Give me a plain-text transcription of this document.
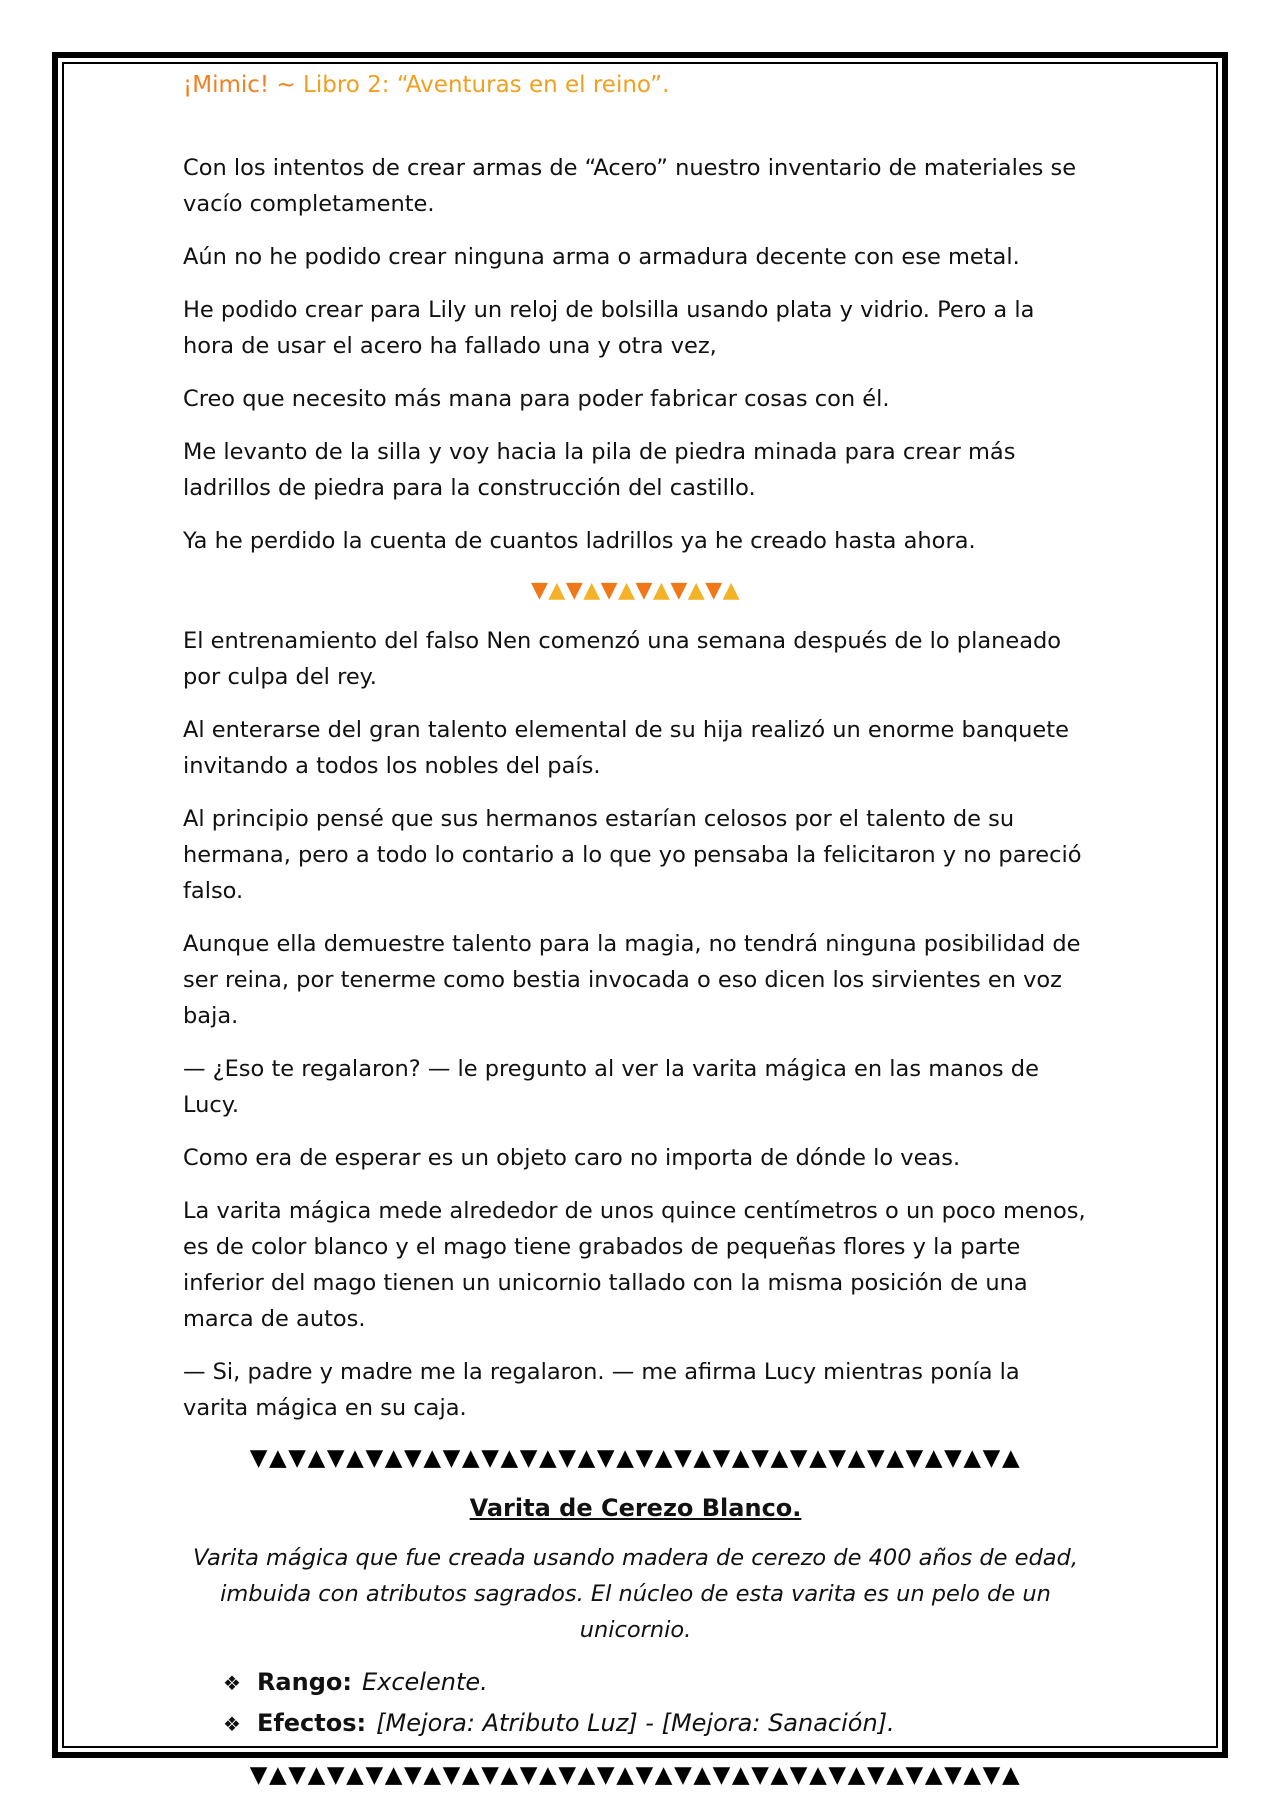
¡Mimic! ~ Libro 2: “Aventuras en el reino”.

Con los intentos de crear armas de “Acero” nuestro inventario de materiales se vacío completamente.

Aún no he podido crear ninguna arma o armadura decente con ese metal.

He podido crear para Lily un reloj de bolsilla usando plata y vidrio. Pero a la hora de usar el acero ha fallado una y otra vez,

Creo que necesito más mana para poder fabricar cosas con él.

Me levanto de la silla y voy hacia la pila de piedra minada para crear más ladrillos de piedra para la construcción del castillo.

Ya he perdido la cuenta de cuantos ladrillos ya he creado hasta ahora.

▼▲▼▲▼▲▼▲▼▲▼▲

El entrenamiento del falso Nen comenzó una semana después de lo planeado por culpa del rey.

Al enterarse del gran talento elemental de su hija realizó un enorme banquete invitando a todos los nobles del país.

Al principio pensé que sus hermanos estarían celosos por el talento de su hermana, pero a todo lo contario a lo que yo pensaba la felicitaron y no pareció falso.

Aunque ella demuestre talento para la magia, no tendrá ninguna posibilidad de ser reina, por tenerme como bestia invocada o eso dicen los sirvientes en voz baja.

— ¿Eso te regalaron? — le pregunto al ver la varita mágica en las manos de Lucy.

Como era de esperar es un objeto caro no importa de dónde lo veas.

La varita mágica mede alrededor de unos quince centímetros o un poco menos, es de color blanco y el mago tiene grabados de pequeñas flores y la parte inferior del mago tienen un unicornio tallado con la misma posición de una marca de autos.

— Si, padre y madre me la regalaron. — me afirma Lucy mientras ponía la varita mágica en su caja.

▼▲▼▲▼▲▼▲▼▲▼▲▼▲▼▲▼▲▼▲▼▲▼▲▼▲▼▲▼▲▼▲▼▲▼▲▼▲▼▲
Varita de Cerezo Blanco.
Varita mágica que fue creada usando madera de cerezo de 400 años de edad, imbuida con atributos sagrados. El núcleo de esta varita es un pelo de un unicornio.
❖ Rango: Excelente.
❖ Efectos: [Mejora: Atributo Luz] - [Mejora: Sanación].
▼▲▼▲▼▲▼▲▼▲▼▲▼▲▼▲▼▲▼▲▼▲▼▲▼▲▼▲▼▲▼▲▼▲▼▲▼▲▼▲
